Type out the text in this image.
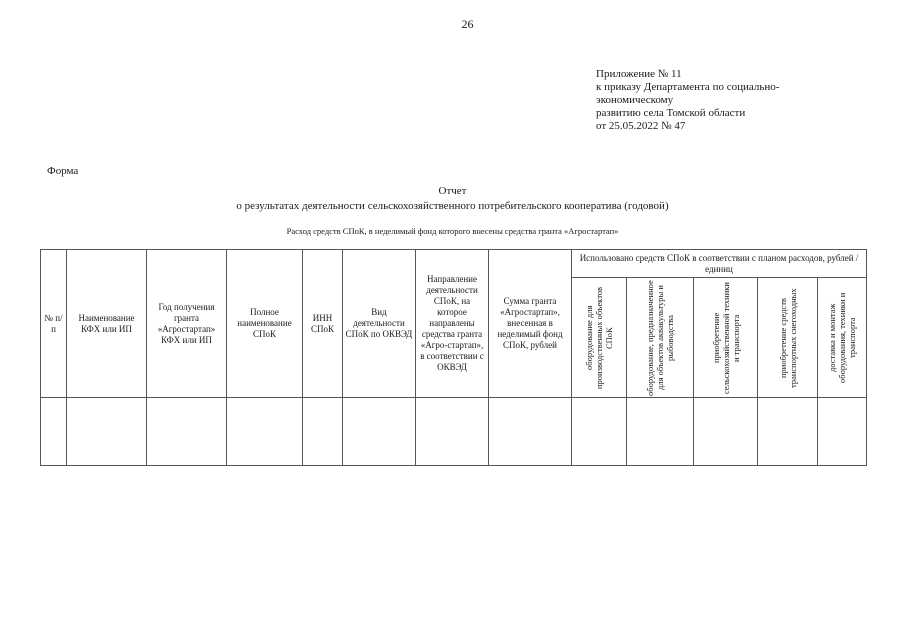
26
Приложение № 11
к приказу Департамента по социально-
экономическому
развитию села Томской области
от 25.05.2022 № 47
Форма
Отчет
о результатах деятельности сельскохозяйственного потребительского кооператива (годовой)
Расход средств СПоК, в неделимый фонд которого внесены средства гранта «Агростартап»
№ п/п	Наименование КФХ или ИП	Год получения гранта «Агростартап» КФХ или ИП	Полное наименование СПоК	ИНН СПоК	Вид деятельности СПоК по ОКВЭД	Направление деятельности СПоК, на которое направлены средства гранта «Агро-стартап», в соответствии с ОКВЭД	Сумма гранта «Агростартап», внесенная в неделимый фонд СПоК, рублей	Использовано средств СПоК в соответствии с планом расходов, рублей / единиц				

								оборудование для производственных объектов СПоК	оборудование, предназначенное для объектов аквакультуры и рыбоводства	приобретение сельскохозяйственной техники и транспорта	приобретение средств транспортных снегоходных	доставка и монтаж оборудования, техники и транспорта
